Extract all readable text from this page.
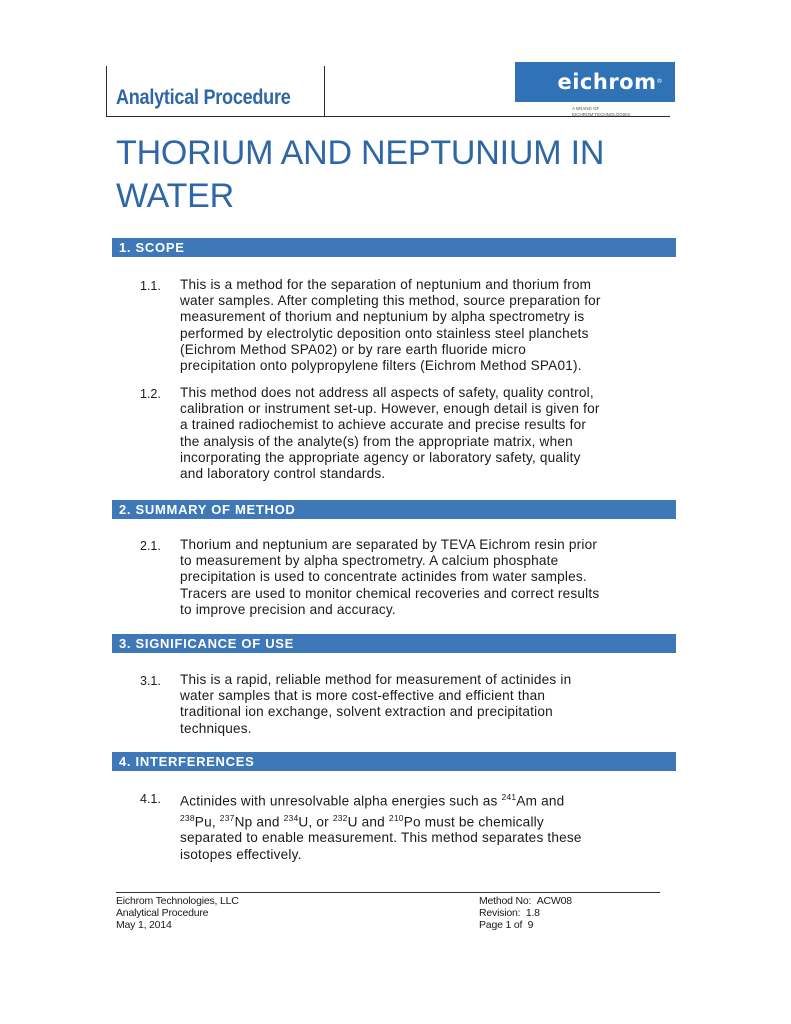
Analytical Procedure
eichrom®
A BRAND OF
EICHROM TECHNOLOGIES
THORIUM AND NEPTUNIUM IN
WATER
1. SCOPE
1.1. This is a method for the separation of neptunium and thorium from
water samples. After completing this method, source preparation for
measurement of thorium and neptunium by alpha spectrometry is
performed by electrolytic deposition onto stainless steel planchets
(Eichrom Method SPA02) or by rare earth fluoride micro
precipitation onto polypropylene filters (Eichrom Method SPA01).
1.2. This method does not address all aspects of safety, quality control,
calibration or instrument set-up. However, enough detail is given for
a trained radiochemist to achieve accurate and precise results for
the analysis of the analyte(s) from the appropriate matrix, when
incorporating the appropriate agency or laboratory safety, quality
and laboratory control standards.
2. SUMMARY OF METHOD
2.1. Thorium and neptunium are separated by TEVA Eichrom resin prior
to measurement by alpha spectrometry. A calcium phosphate
precipitation is used to concentrate actinides from water samples.
Tracers are used to monitor chemical recoveries and correct results
to improve precision and accuracy.
3. SIGNIFICANCE OF USE
3.1. This is a rapid, reliable method for measurement of actinides in
water samples that is more cost-effective and efficient than
traditional ion exchange, solvent extraction and precipitation
techniques.
4. INTERFERENCES
4.1. Actinides with unresolvable alpha energies such as $^{241}$Am and
$^{238}$Pu, $^{237}$Np and $^{234}$U, or $^{232}$U and $^{210}$Po must be chemically
separated to enable measurement. This method separates these
isotopes effectively.
Eichrom Technologies, LLC
Analytical Procedure
May 1, 2014
Method No: ACW08
Revision: 1.8
Page 1 of 9
